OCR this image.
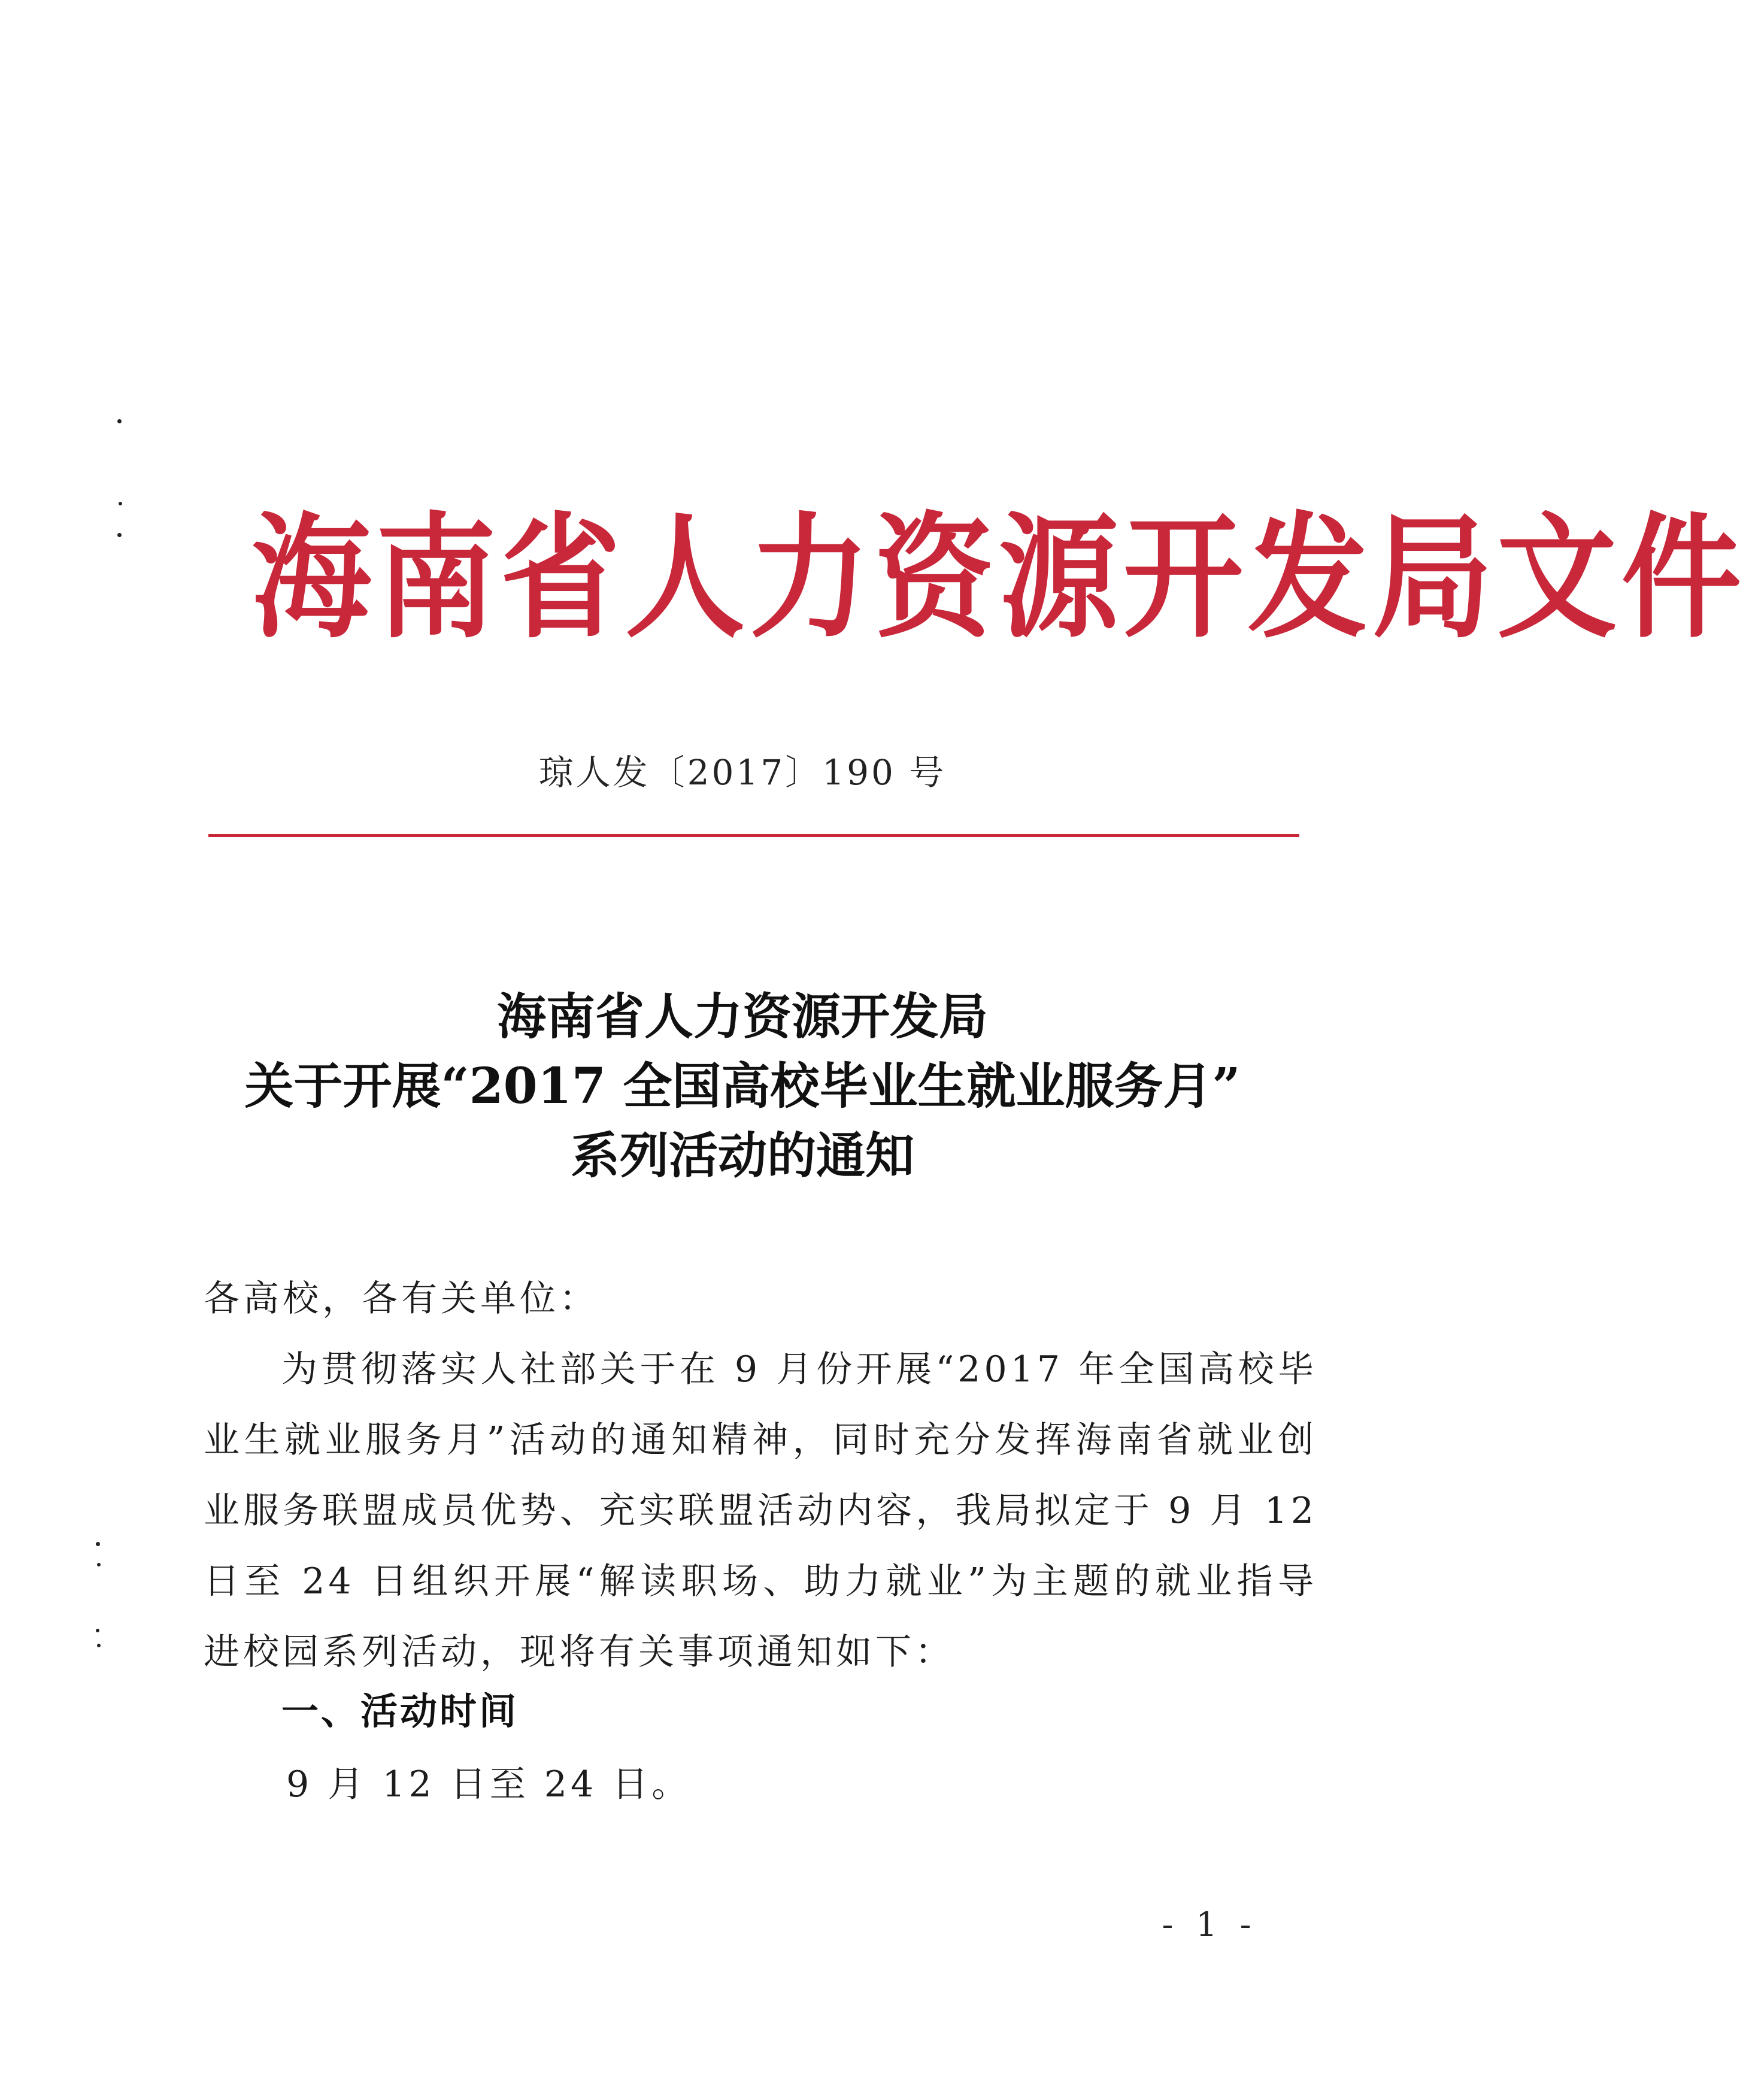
海南省人力资源开发局文件
琼人发〔2017〕190 号
海南省人力资源开发局
关于开展“2017 全国高校毕业生就业服务月”
系列活动的通知
各高校，各有关单位：
为贯彻落实人社部关于在 9 月份开展“2017 年全国高校毕业生就业服务月”活动的通知精神，同时充分发挥海南省就业创业服务联盟成员优势、充实联盟活动内容，我局拟定于 9 月 12 日至 24 日组织开展“解读职场、助力就业”为主题的就业指导进校园系列活动，现将有关事项通知如下：
一、活动时间
9 月 12 日至 24 日。
- 1 -
